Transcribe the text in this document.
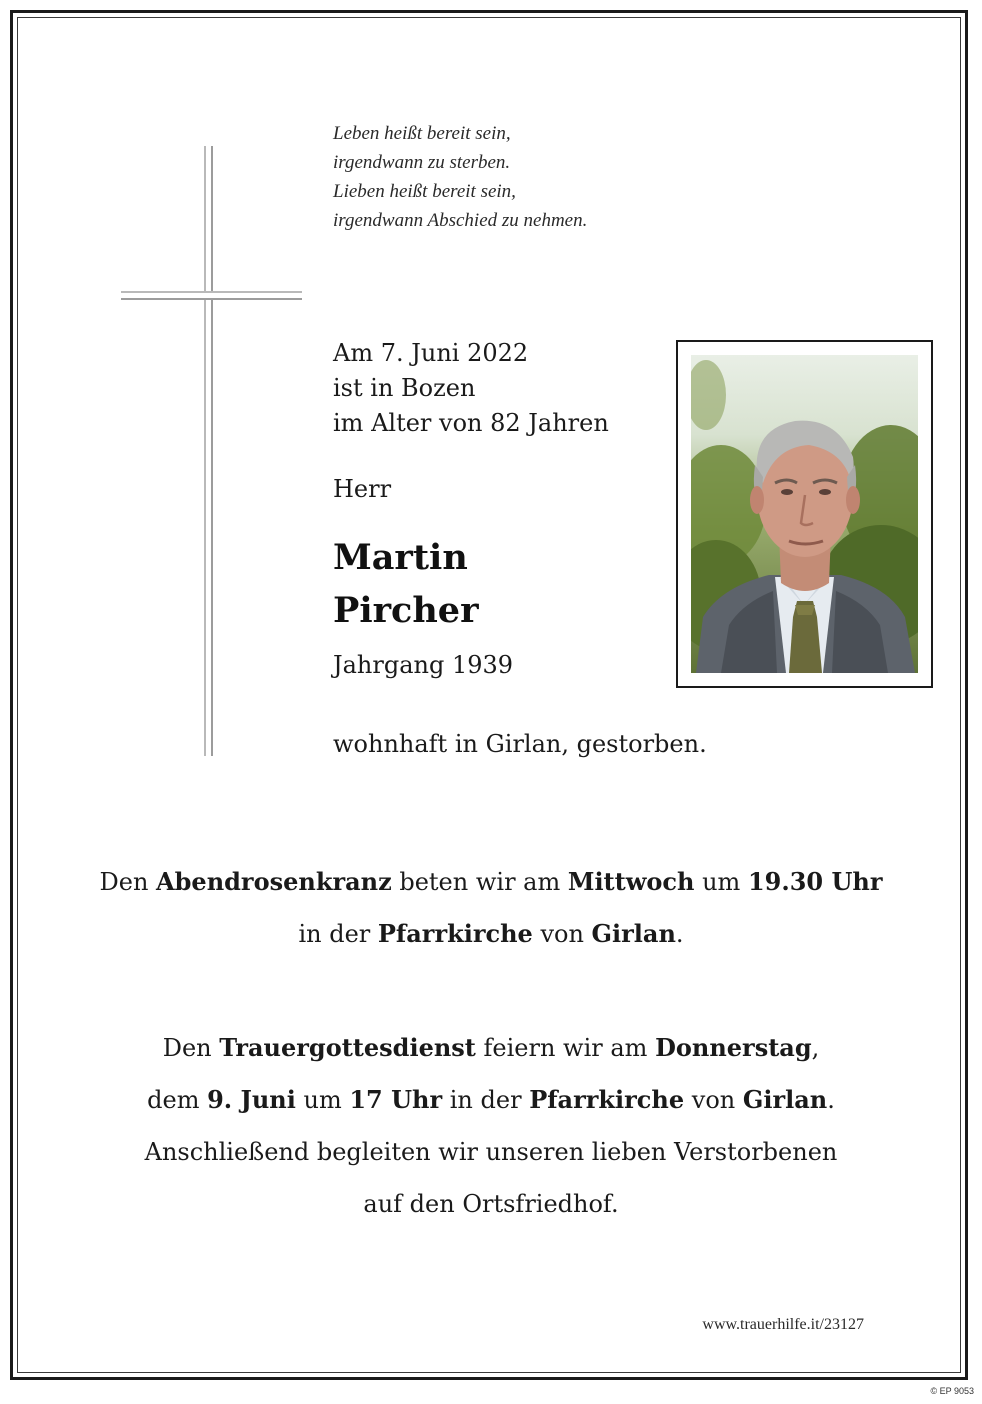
Leben heißt bereit sein,
irgendwann zu sterben.
Lieben heißt bereit sein,
irgendwann Abschied zu nehmen.
Am 7. Juni 2022
ist in Bozen
im Alter von 82 Jahren
Herr
Martin
Pircher
Jahrgang 1939
wohnhaft in Girlan, gestorben.

Den Abendrosenkranz beten wir am Mittwoch um 19.30 Uhr

in der Pfarrkirche von Girlan.

Den Trauergottesdienst feiern wir am Donnerstag,

dem 9. Juni um 17 Uhr in der Pfarrkirche von Girlan.

Anschließend begleiten wir unseren lieben Verstorbenen

auf den Ortsfriedhof.

www.trauerhilfe.it/23127
© EP 9053
